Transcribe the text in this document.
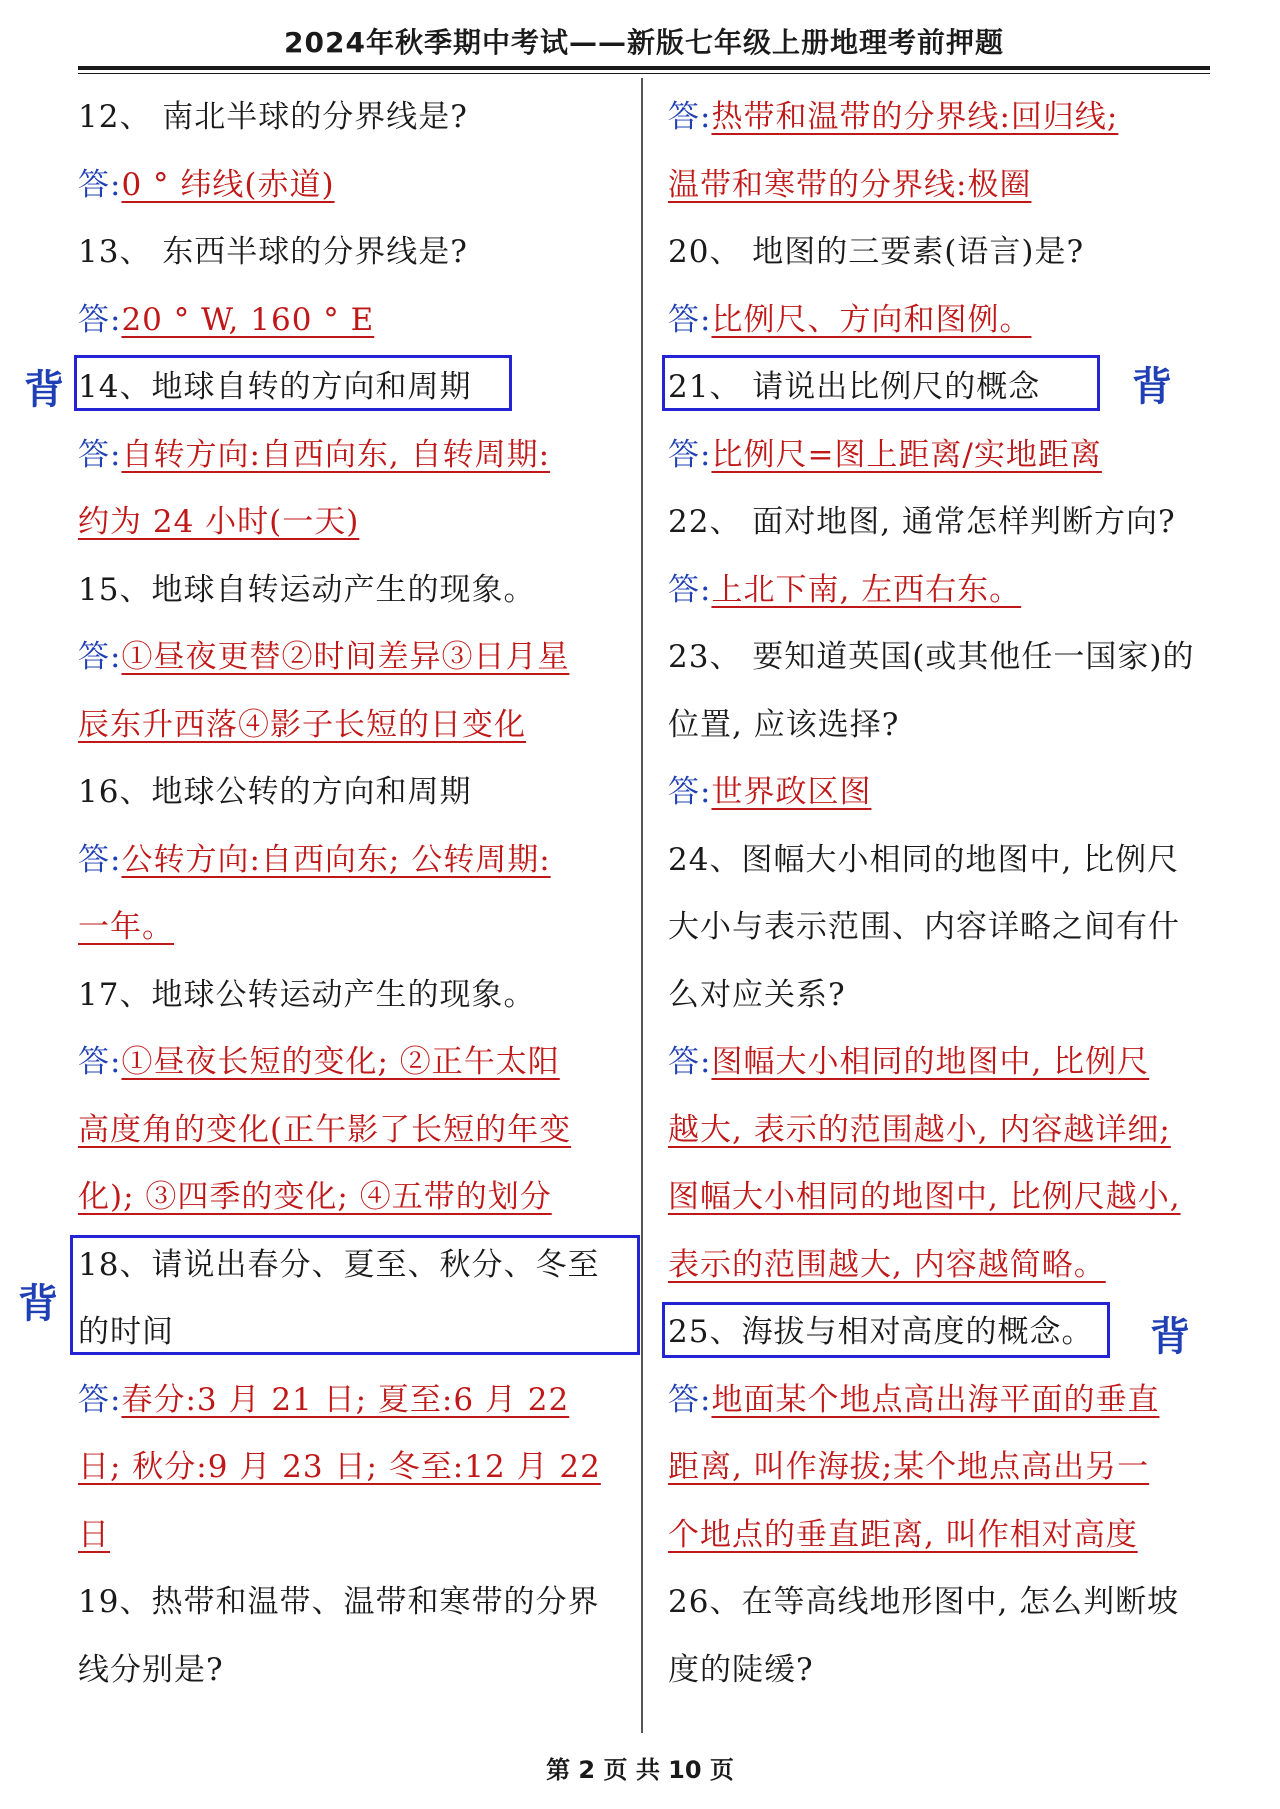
2024年秋季期中考试——新版七年级上册地理考前押题
12、 南北半球的分界线是?
答:0 ° 纬线(赤道)
13、 东西半球的分界线是?
答:20 ° W, 160 ° E
14、地球自转的方向和周期
答:自转方向:自西向东, 自转周期:
约为 24 小时(一天)
15、地球自转运动产生的现象。
答:①昼夜更替②时间差异③日月星
辰东升西落④影子长短的日变化
16、地球公转的方向和周期
答:公转方向:自西向东; 公转周期:
一年。
17、地球公转运动产生的现象。
答:①昼夜长短的变化; ②正午太阳
高度角的变化(正午影了长短的年变
化); ③四季的变化; ④五带的划分
18、请说出春分、夏至、秋分、冬至
的时间
答:春分:3 月 21 日; 夏至:6 月 22
日; 秋分:9 月 23 日; 冬至:12 月 22
日
19、热带和温带、温带和寒带的分界
线分别是?
答:热带和温带的分界线:回归线;
温带和寒带的分界线:极圈
20、 地图的三要素(语言)是?
答:比例尺、方向和图例。
21、 请说出比例尺的概念
答:比例尺=图上距离/实地距离
22、 面对地图, 通常怎样判断方向?
答:上北下南, 左西右东。
23、 要知道英国(或其他任一国家)的
位置, 应该选择?
答:世界政区图
24、图幅大小相同的地图中, 比例尺
大小与表示范围、内容详略之间有什
么对应关系?
答:图幅大小相同的地图中, 比例尺
越大, 表示的范围越小, 内容越详细;
图幅大小相同的地图中, 比例尺越小,
表示的范围越大, 内容越简略。
25、海拔与相对高度的概念。
答:地面某个地点高出海平面的垂直
距离, 叫作海拔;某个地点高出另一
个地点的垂直距离, 叫作相对高度
26、在等高线地形图中, 怎么判断坡
度的陡缓?
背	背
背
背
第 2 页 共 10 页
